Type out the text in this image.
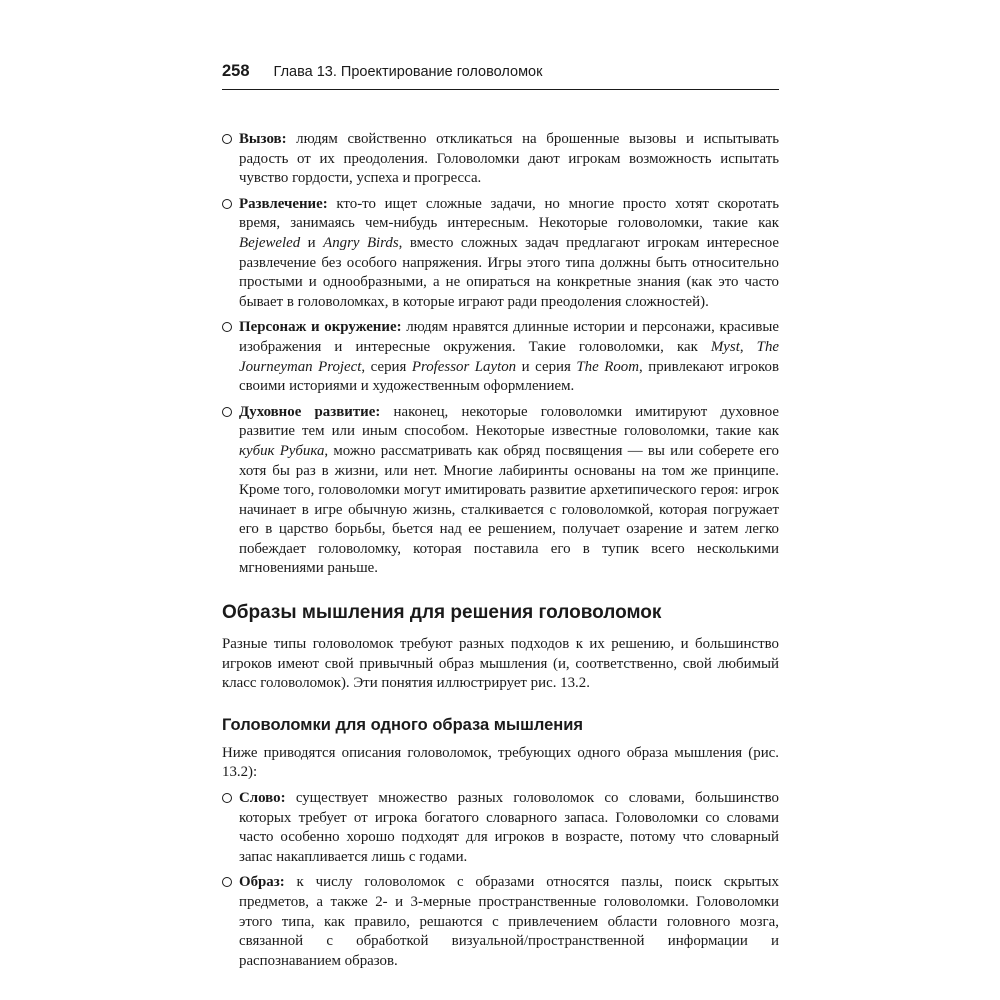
258 Глава 13. Проектирование головоломок
Вызов: людям свойственно откликаться на брошенные вызовы и испытывать радость от их преодоления. Головоломки дают игрокам возможность испытать чувство гордости, успеха и прогресса.
Развлечение: кто-то ищет сложные задачи, но многие просто хотят скоротать время, занимаясь чем-нибудь интересным. Некоторые головоломки, такие как Bejeweled и Angry Birds, вместо сложных задач предлагают игрокам интересное развлечение без особого напряжения. Игры этого типа должны быть относительно простыми и однообразными, а не опираться на конкретные знания (как это часто бывает в головоломках, в которые играют ради преодоления сложностей).
Персонаж и окружение: людям нравятся длинные истории и персонажи, красивые изображения и интересные окружения. Такие головоломки, как Myst, The Journeyman Project, серия Professor Layton и серия The Room, привлекают игроков своими историями и художественным оформлением.
Духовное развитие: наконец, некоторые головоломки имитируют духовное развитие тем или иным способом. Некоторые известные головоломки, такие как кубик Рубика, можно рассматривать как обряд посвящения — вы или соберете его хотя бы раз в жизни, или нет. Многие лабиринты основаны на том же принципе. Кроме того, головоломки могут имитировать развитие архетипического героя: игрок начинает в игре обычную жизнь, сталкивается с головоломкой, которая погружает его в царство борьбы, бьется над ее решением, получает озарение и затем легко побеждает головоломку, которая поставила его в тупик всего несколькими мгновениями раньше.
Образы мышления для решения головоломок

Разные типы головоломок требуют разных подходов к их решению, и большинство игроков имеют свой привычный образ мышления (и, соответственно, свой любимый класс головоломок). Эти понятия иллюстрирует рис. 13.2.

Головоломки для одного образа мышления

Ниже приводятся описания головоломок, требующих одного образа мышления (рис. 13.2):

Слово: существует множество разных головоломок со словами, большинство которых требует от игрока богатого словарного запаса. Головоломки со словами часто особенно хорошо подходят для игроков в возрасте, потому что словарный запас накапливается лишь с годами.
Образ: к числу головоломок с образами относятся пазлы, поиск скрытых предметов, а также 2- и 3-мерные пространственные головоломки. Головоломки этого типа, как правило, решаются с привлечением области головного мозга, связанной с обработкой визуальной/пространственной информации и распознаванием образов.
